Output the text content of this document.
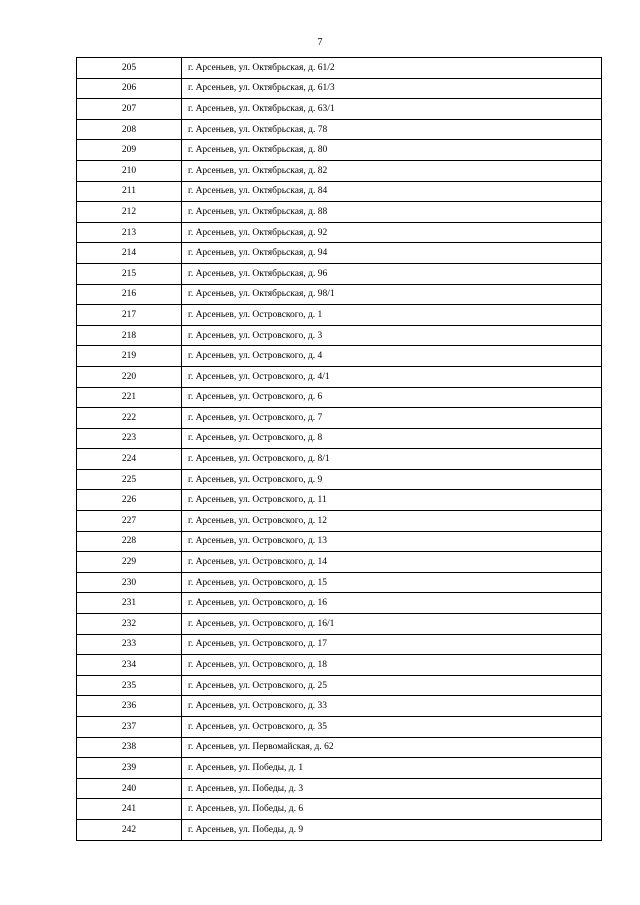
7
205	г. Арсеньев, ул. Октябрьская, д. 61/2
206	г. Арсеньев, ул. Октябрьская, д. 61/3
207	г. Арсеньев, ул. Октябрьская, д. 63/1
208	г. Арсеньев, ул. Октябрьская, д. 78
209	г. Арсеньев, ул. Октябрьская, д. 80
210	г. Арсеньев, ул. Октябрьская, д. 82
211	г. Арсеньев, ул. Октябрьская, д. 84
212	г. Арсеньев, ул. Октябрьская, д. 88
213	г. Арсеньев, ул. Октябрьская, д. 92
214	г. Арсеньев, ул. Октябрьская, д. 94
215	г. Арсеньев, ул. Октябрьская, д. 96
216	г. Арсеньев, ул. Октябрьская, д. 98/1
217	г. Арсеньев, ул. Островского, д. 1
218	г. Арсеньев, ул. Островского, д. 3
219	г. Арсеньев, ул. Островского, д. 4
220	г. Арсеньев, ул. Островского, д. 4/1
221	г. Арсеньев, ул. Островского, д. 6
222	г. Арсеньев, ул. Островского, д. 7
223	г. Арсеньев, ул. Островского, д. 8
224	г. Арсеньев, ул. Островского, д. 8/1
225	г. Арсеньев, ул. Островского, д. 9
226	г. Арсеньев, ул. Островского, д. 11
227	г. Арсеньев, ул. Островского, д. 12
228	г. Арсеньев, ул. Островского, д. 13
229	г. Арсеньев, ул. Островского, д. 14
230	г. Арсеньев, ул. Островского, д. 15
231	г. Арсеньев, ул. Островского, д. 16
232	г. Арсеньев, ул. Островского, д. 16/1
233	г. Арсеньев, ул. Островского, д. 17
234	г. Арсеньев, ул. Островского, д. 18
235	г. Арсеньев, ул. Островского, д. 25
236	г. Арсеньев, ул. Островского, д. 33
237	г. Арсеньев, ул. Островского, д. 35
238	г. Арсеньев, ул. Первомайская, д. 62
239	г. Арсеньев, ул. Победы, д. 1
240	г. Арсеньев, ул. Победы, д. 3
241	г. Арсеньев, ул. Победы, д. 6
242	г. Арсеньев, ул. Победы, д. 9
